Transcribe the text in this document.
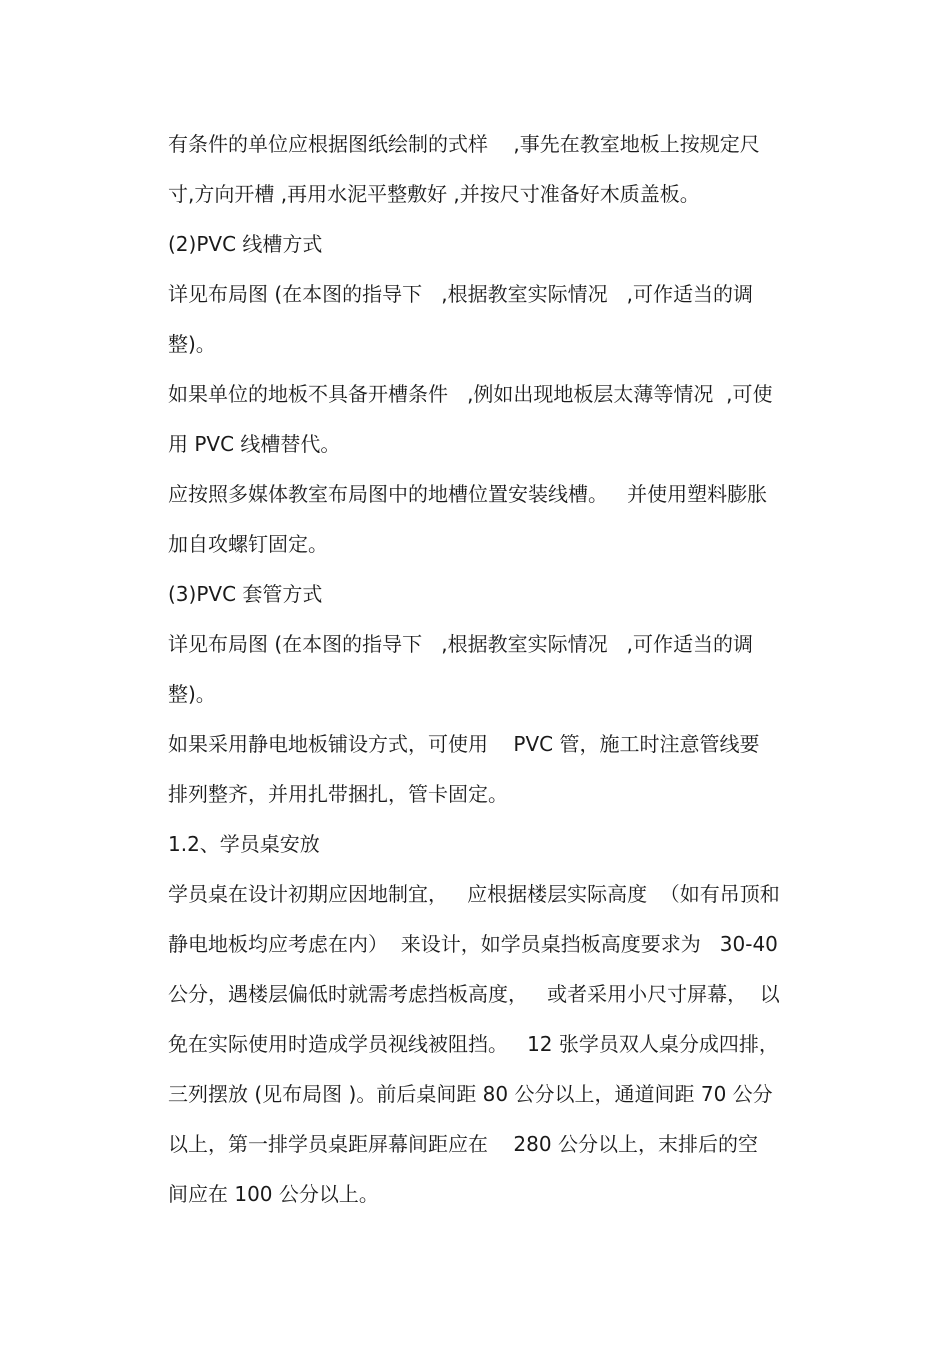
有条件的单位应根据图纸绘制的式样    ,事先在教室地板上按规定尺

寸,方向开槽 ,再用水泥平整敷好 ,并按尺寸准备好木质盖板。

(2)PVC 线槽方式

详见布局图 (在本图的指导下   ,根据教室实际情况   ,可作适当的调

整)。

如果单位的地板不具备开槽条件   ,例如出现地板层太薄等情况  ,可使

用 PVC 线槽替代。

应按照多媒体教室布局图中的地槽位置安装线槽。   并使用塑料膨胀

加自攻螺钉固定。

(3)PVC 套管方式

详见布局图 (在本图的指导下   ,根据教室实际情况   ,可作适当的调

整)。

如果采用静电地板铺设方式，可使用    PVC 管，施工时注意管线要

排列整齐，并用扎带捆扎，管卡固定。

1.2、学员桌安放

学员桌在设计初期应因地制宜，   应根据楼层实际高度  （如有吊顶和

静电地板均应考虑在内）  来设计，如学员桌挡板高度要求为   30-40

公分，遇楼层偏低时就需考虑挡板高度，   或者采用小尺寸屏幕，  以

免在实际使用时造成学员视线被阻挡。   12 张学员双人桌分成四排，

三列摆放 (见布局图 )。前后桌间距 80 公分以上，通道间距 70 公分

以上，第一排学员桌距屏幕间距应在    280 公分以上，末排后的空

间应在 100 公分以上。
